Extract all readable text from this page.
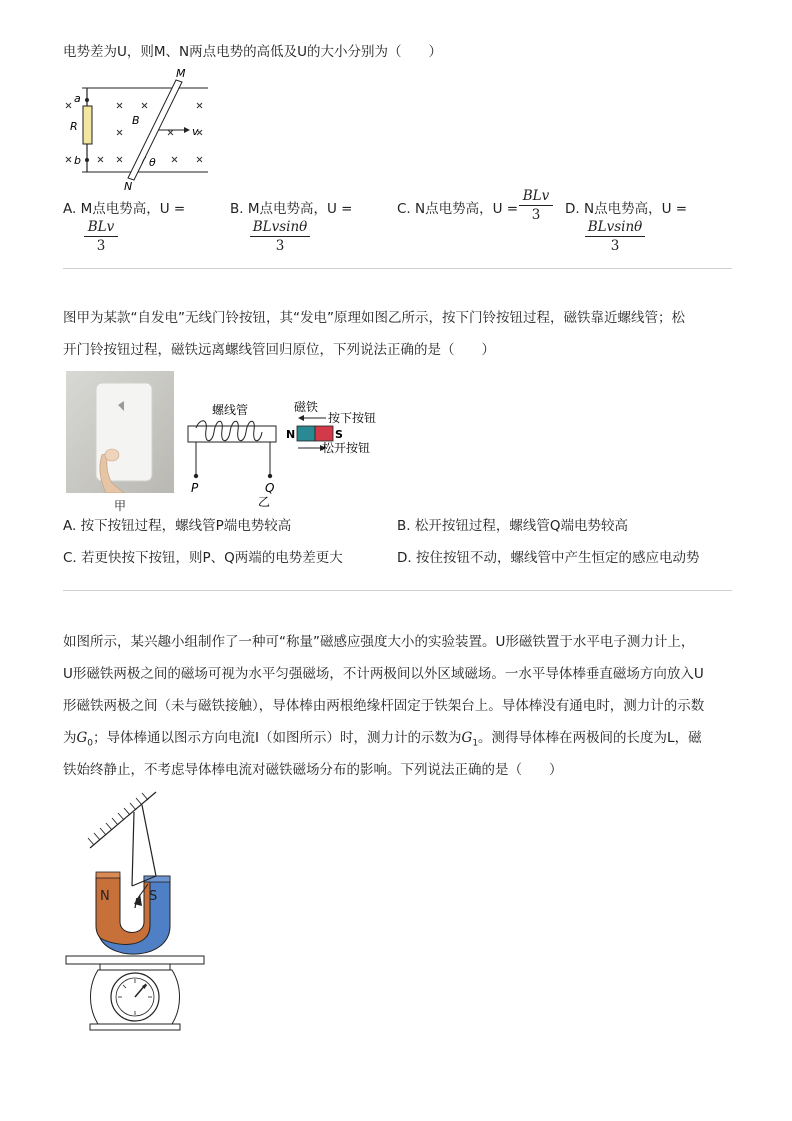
电势差为U，则M、N两点电势的高低及U的大小分别为（　　）
M
N
a
b
R	B
v
θ
A. M点电势高，U =
BLv
3
B. M点电势高，U =
BLvsinθ
3
C. N点电势高，U =
BLv
3	D. N点电势高，U =
BLvsinθ
3
图甲为某款“自发电”无线门铃按钮，其“发电”原理如图乙所示，按下门铃按钮过程，磁铁靠近螺线管；松
开门铃按钮过程，磁铁远离螺线管回归原位，下列说法正确的是（　　）
甲
螺线管	磁铁
按下按钮
松开按钮
N	S
P	Q
乙
A. 按下按钮过程，螺线管P端电势较高	B. 松开按钮过程，螺线管Q端电势较高
C. 若更快按下按钮，则P、Q两端的电势差更大	D. 按住按钮不动，螺线管中产生恒定的感应电动势
如图所示，某兴趣小组制作了一种可“称量”磁感应强度大小的实验装置。U形磁铁置于水平电子测力计上，
U形磁铁两极之间的磁场可视为水平匀强磁场，不计两极间以外区域磁场。一水平导体棒垂直磁场方向放入U
形磁铁两极之间（未与磁铁接触），导体棒由两根绝缘杆固定于铁架台上。导体棒没有通电时，测力计的示数
为$G_0$；导体棒通以图示方向电流I（如图所示）时，测力计的示数为$G_1$。测得导体棒在两极间的长度为L，磁
铁始终静止，不考虑导体棒电流对磁铁磁场分布的影响。下列说法正确的是（　　）
N	S
I
